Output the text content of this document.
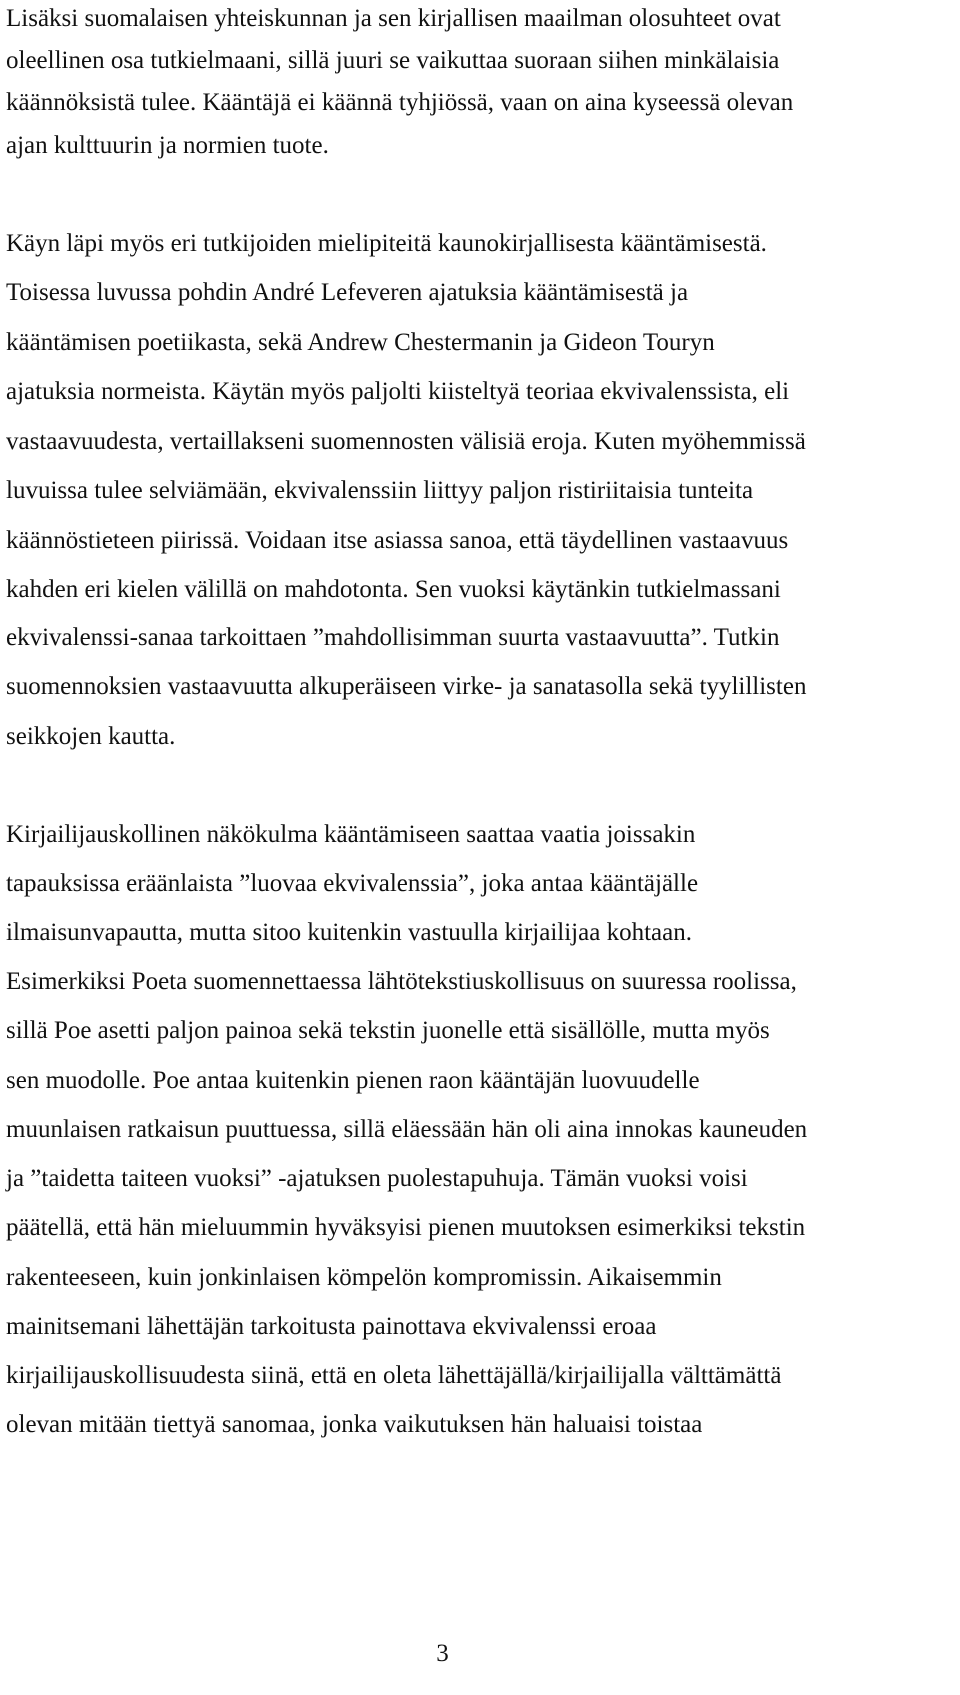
Lisäksi suomalaisen yhteiskunnan ja sen kirjallisen maailman olosuhteet ovat

oleellinen osa tutkielmaani, sillä juuri se vaikuttaa suoraan siihen minkälaisia

käännöksistä tulee. Kääntäjä ei käännä tyhjiössä, vaan on aina kyseessä olevan

ajan kulttuurin ja normien tuote.

Käyn läpi myös eri tutkijoiden mielipiteitä kaunokirjallisesta kääntämisestä.

Toisessa luvussa pohdin André Lefeveren ajatuksia kääntämisestä ja

kääntämisen poetiikasta, sekä Andrew Chestermanin ja Gideon Touryn

ajatuksia normeista. Käytän myös paljolti kiisteltyä teoriaa ekvivalenssista, eli

vastaavuudesta, vertaillakseni suomennosten välisiä eroja. Kuten myöhemmissä

luvuissa tulee selviämään, ekvivalenssiin liittyy paljon ristiriitaisia tunteita

käännöstieteen piirissä. Voidaan itse asiassa sanoa, että täydellinen vastaavuus

kahden eri kielen välillä on mahdotonta. Sen vuoksi käytänkin tutkielmassani

ekvivalenssi-sanaa tarkoittaen ”mahdollisimman suurta vastaavuutta”. Tutkin

suomennoksien vastaavuutta alkuperäiseen virke- ja sanatasolla sekä tyylillisten

seikkojen kautta.

Kirjailijauskollinen näkökulma kääntämiseen saattaa vaatia joissakin

tapauksissa eräänlaista ”luovaa ekvivalenssia”, joka antaa kääntäjälle

ilmaisunvapautta, mutta sitoo kuitenkin vastuulla kirjailijaa kohtaan.

Esimerkiksi Poeta suomennettaessa lähtötekstiuskollisuus on suuressa roolissa,

sillä Poe asetti paljon painoa sekä tekstin juonelle että sisällölle, mutta myös

sen muodolle. Poe antaa kuitenkin pienen raon kääntäjän luovuudelle

muunlaisen ratkaisun puuttuessa, sillä eläessään hän oli aina innokas kauneuden

ja ”taidetta taiteen vuoksi” -ajatuksen puolestapuhuja. Tämän vuoksi voisi

päätellä, että hän mieluummin hyväksyisi pienen muutoksen esimerkiksi tekstin

rakenteeseen, kuin jonkinlaisen kömpelön kompromissin. Aikaisemmin

mainitsemani lähettäjän tarkoitusta painottava ekvivalenssi eroaa

kirjailijauskollisuudesta siinä, että en oleta lähettäjällä/kirjailijalla välttämättä

olevan mitään tiettyä sanomaa, jonka vaikutuksen hän haluaisi toistaa

3
